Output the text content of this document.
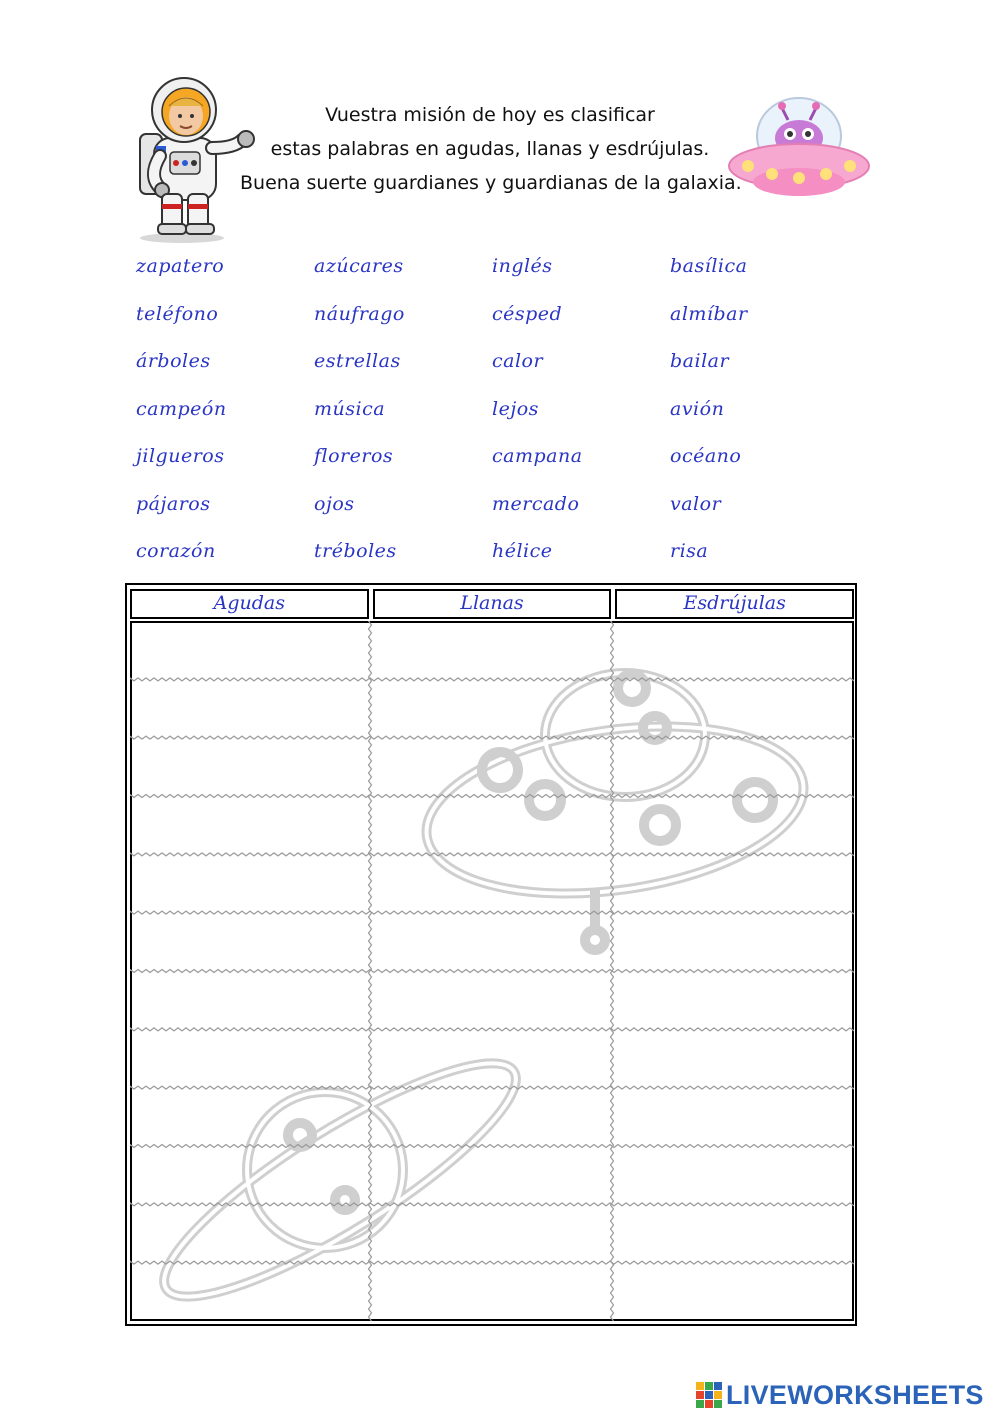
Vuestra misión de hoy es clasificar
estas palabras en agudas, llanas y esdrújulas.
Buena suerte guardianes y guardianas de la galaxia.
zapatero	azúcares	inglés	basílica
teléfono	náufrago	césped	almíbar
árboles	estrellas	calor	bailar
campeón	música	lejos	avión
jilgueros	floreros	campana	océano
pájaros	ojos	mercado	valor
corazón	tréboles	hélice	risa
Agudas	Llanas	Esdrújulas
LIVEWORKSHEETS
